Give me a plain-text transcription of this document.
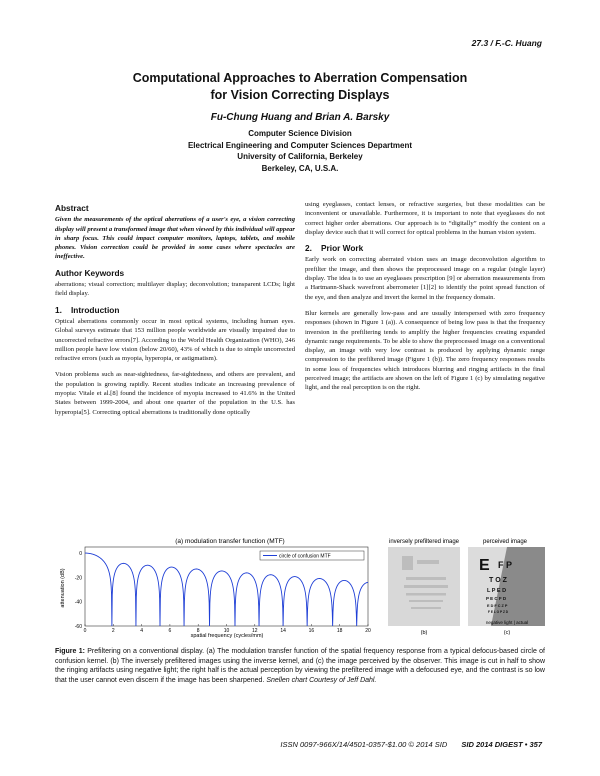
27.3 / F.-C. Huang
Computational Approaches to Aberration Compensation
for Vision Correcting Displays
Fu-Chung Huang and Brian A. Barsky
Computer Science Division
Electrical Engineering and Computer Sciences Department
University of California, Berkeley
Berkeley, CA, U.S.A.
Abstract

Given the measurements of the optical aberrations of a user's eye, a vision correcting display will present a transformed image that when viewed by this individual will appear in sharp focus. This could impact computer monitors, laptops, tablets, and mobile phones. Vision correction could be provided in some cases where spectacles are ineffective.

Author Keywords

aberrations; visual correction; multilayer display; deconvolution; transparent LCDs; light field display.

1.	Introduction

Optical aberrations commonly occur in most optical systems, including human eyes. Global surveys estimate that 153 million people worldwide are visually impaired due to uncorrected refractive errors[7]. According to the World Health Organization (WHO), 246 million people have low vision (below 20/60), 43% of which is due to simple uncorrected refractive errors (such as myopia, hyperopia, or astigmatism).

Vision problems such as near-sightedness, far-sightedness, and others are prevalent, and the population is growing rapidly. Recent studies indicate an increasing prevalence of myopia: Vitale et al.[8] found the incidence of myopia increased to 41.6% in the United States between 1999-2004, and about one quarter of the population in the U.S. has hyperopia[5]. Correcting optical aberrations is traditionally done optically

using eyeglasses, contact lenses, or refractive surgeries, but these modalities can be inconvenient or unavailable. Furthermore, it is important to note that eyeglasses do not correct higher order aberrations. Our approach is to “digitally” modify the content on a display device such that it will correct for optical problems in the human vision system.

2.	Prior Work

Early work on correcting aberrated vision uses an image deconvolution algorithm to prefilter the image, and then shows the preprocessed image on a regular (single layer) display. The idea is to use an eyeglasses prescription [9] or aberration measurements from a Hartmann-Shack wavefront aberrometer [1][2] to identify the point spread function of the eye, and then analyze and invert the kernel in the frequency domain.

Blur kernels are generally low-pass and are usually interspersed with zero frequency responses (shown in Figure 1 (a)). A consequence of being low pass is that the frequency inversion in the prefiltering tends to amplify the higher frequencies creating expanded dynamic range requirements. To be able to show the preprocessed image on a conventional display, an image with very low contrast is produced by applying dynamic range compression to the prefiltered image (Figure 1 (b)). The zero frequency responses results in some loss of frequencies which introduces blurring and ringing artifacts in the final perceived image; the artifacts are shown on the left of Figure 1 (c) by simulating negative light, and the real perception is on the right.

(a) modulation transfer function (MTF)
0	2	4	6	8	10	12	14	16	18	20
0
-20
-40
-60
circle of confusion MTF
spatial frequency (cycles/mm)
attenuation (dB)
inversely prefiltered image
(b)
perceived image
E F P
T O Z
L P E D
P E C F D
E D F C Z P
F E L O P Z D
negative light | actual
(c)
Figure 1: Prefiltering on a conventional display. (a) The modulation transfer function of the spatial frequency response from a typical defocus-based circle of confusion kernel. (b) The inversely prefiltered images using the inverse kernel, and (c) the image perceived by the observer. This image is cut in half to show the ringing artifacts using negative light; the right half is the actual perception by viewing the prefiltered image with a defocused eye, and the contrast is so low that the user cannot even discern if the image has been sharpened. Snellen chart Courtesy of Jeff Dahl.
ISSN 0097-966X/14/4501-0357-$1.00 © 2014 SID SID 2014 DIGEST • 357
